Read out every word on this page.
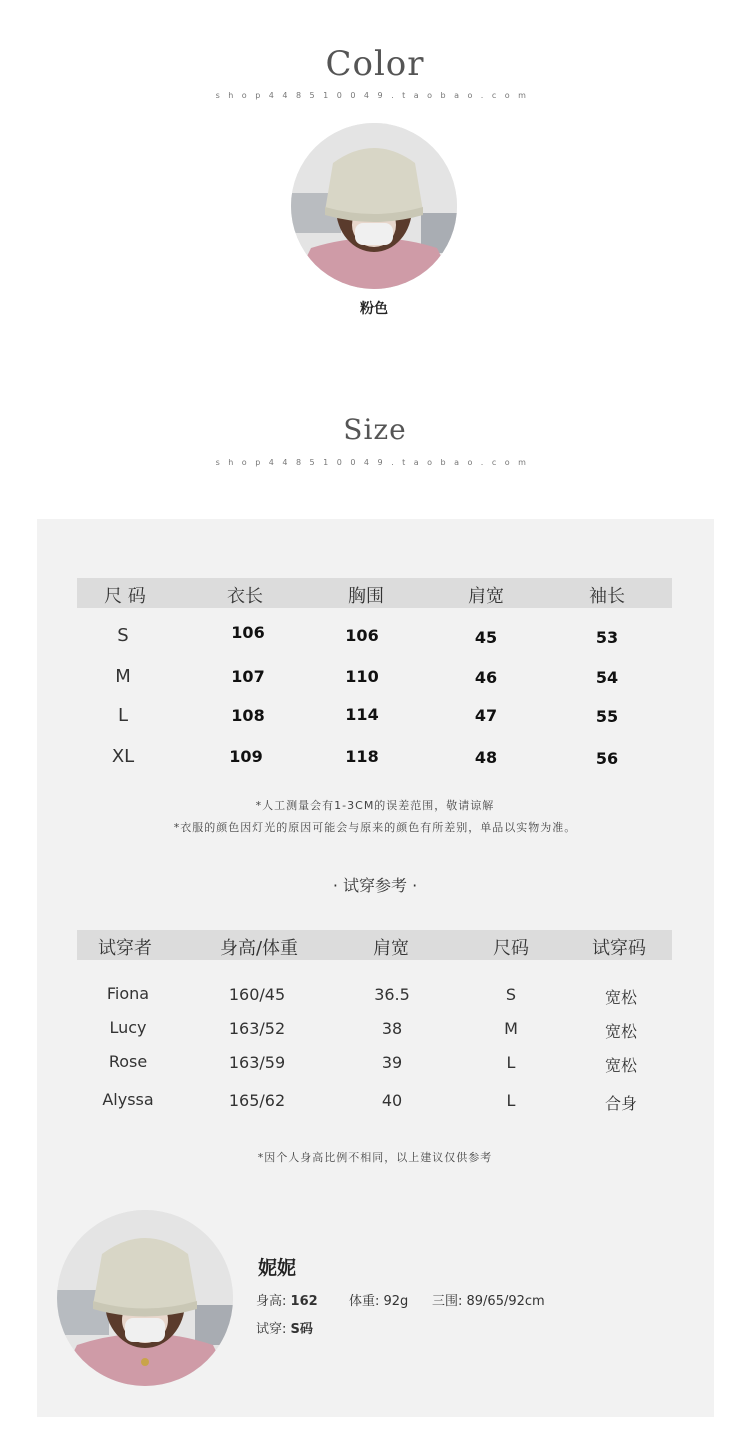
Color
shop448510049.taobao.com
粉色
Size
shop448510049.taobao.com
尺 码	衣长	胸围	肩宽	袖长
S	106	106	45	53
M	107	110	46	54
L	108	114	47	55
XL	109	118	48	56
*人工测量会有1-3CM的误差范围，敬请谅解
*衣服的颜色因灯光的原因可能会与原来的颜色有所差别，单品以实物为准。
· 试穿参考 ·
试穿者	身高/体重	肩宽	尺码	试穿码
Fiona	160/45	36.5	S	宽松
Lucy	163/52	38	M	宽松
Rose	163/59	39	L	宽松
Alyssa	165/62	40	L	合身
*因个人身高比例不相同，以上建议仅供参考
妮妮
身高: 162 体重: 92g 三围: 89/65/92cm
试穿: S码
